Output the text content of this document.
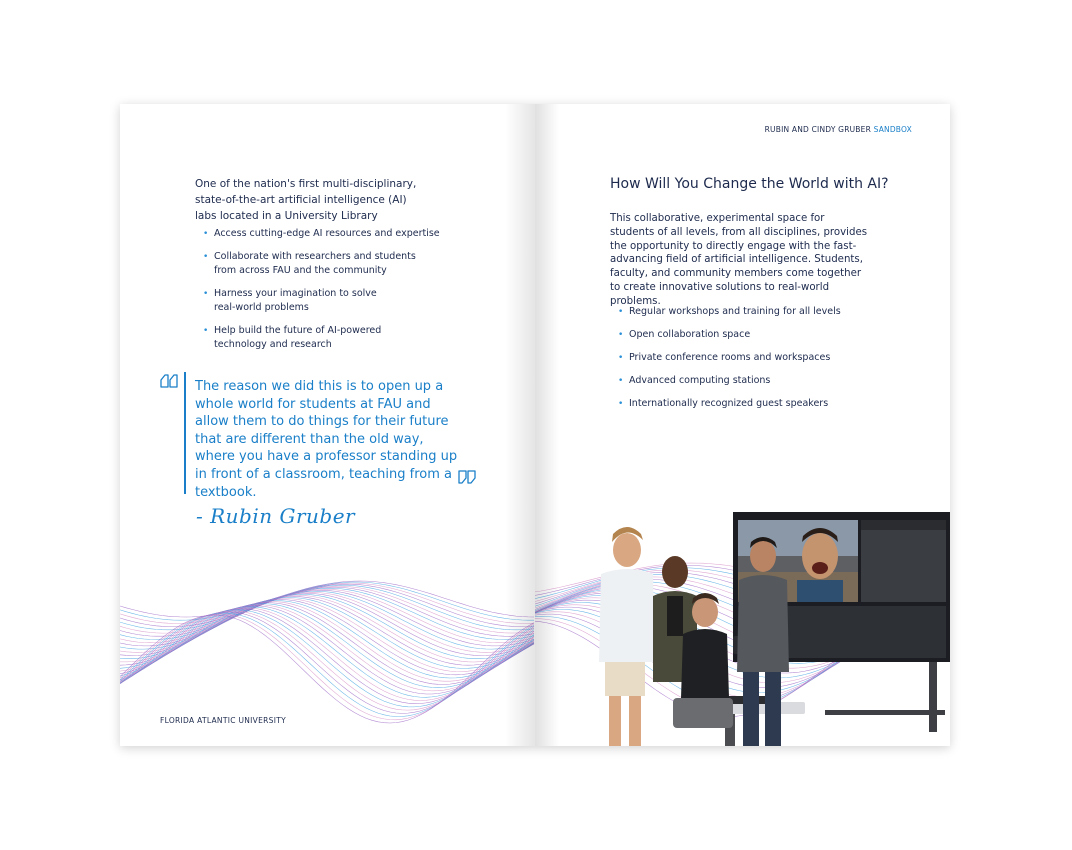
One of the nation's first multi-disciplinary, state-of-the-art artificial intelligence (AI) labs located in a University Library
• Access cutting-edge AI resources and expertise
• Collaborate with researchers and students from across FAU and the community
• Harness your imagination to solve real-world problems
• Help build the future of AI-powered technology and research
The reason we did this is to open up a whole world for students at FAU and allow them to do things for their future that are different than the old way, where you have a professor standing up in front of a classroom, teaching from a textbook.
- Rubin Gruber
FLORIDA ATLANTIC UNIVERSITY
RUBIN AND CINDY GRUBER SANDBOX
How Will You Change the World with AI?
This collaborative, experimental space for students of all levels, from all disciplines, provides the opportunity to directly engage with the fast-advancing field of artificial intelligence. Students, faculty, and community members come together to create innovative solutions to real-world problems.
• Regular workshops and training for all levels
• Open collaboration space
• Private conference rooms and workspaces
• Advanced computing stations
• Internationally recognized guest speakers
